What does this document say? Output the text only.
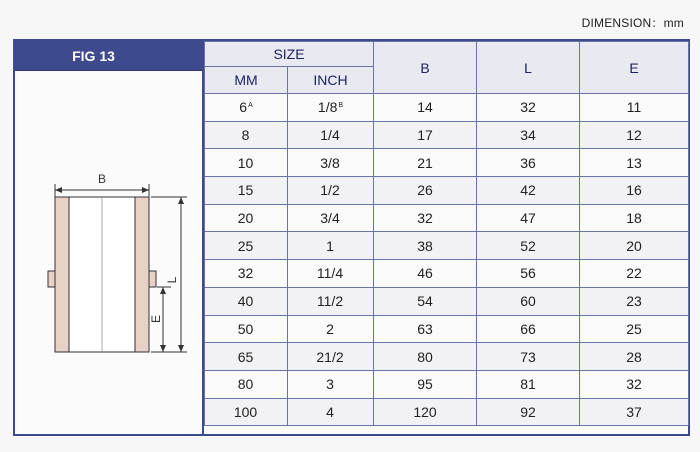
DIMENSION：mm
FIG 13
B
L
E
SIZE		B	L	E
MM	INCH			
$6^A$	$1/8^B$	14	32	11
8	1/4	17	34	12
10	3/8	21	36	13
15	1/2	26	42	16
20	3/4	32	47	18
25	1	38	52	20
32	11/4	46	56	22
40	11/2	54	60	23
50	2	63	66	25
65	21/2	80	73	28
80	3	95	81	32
100	4	120	92	37
